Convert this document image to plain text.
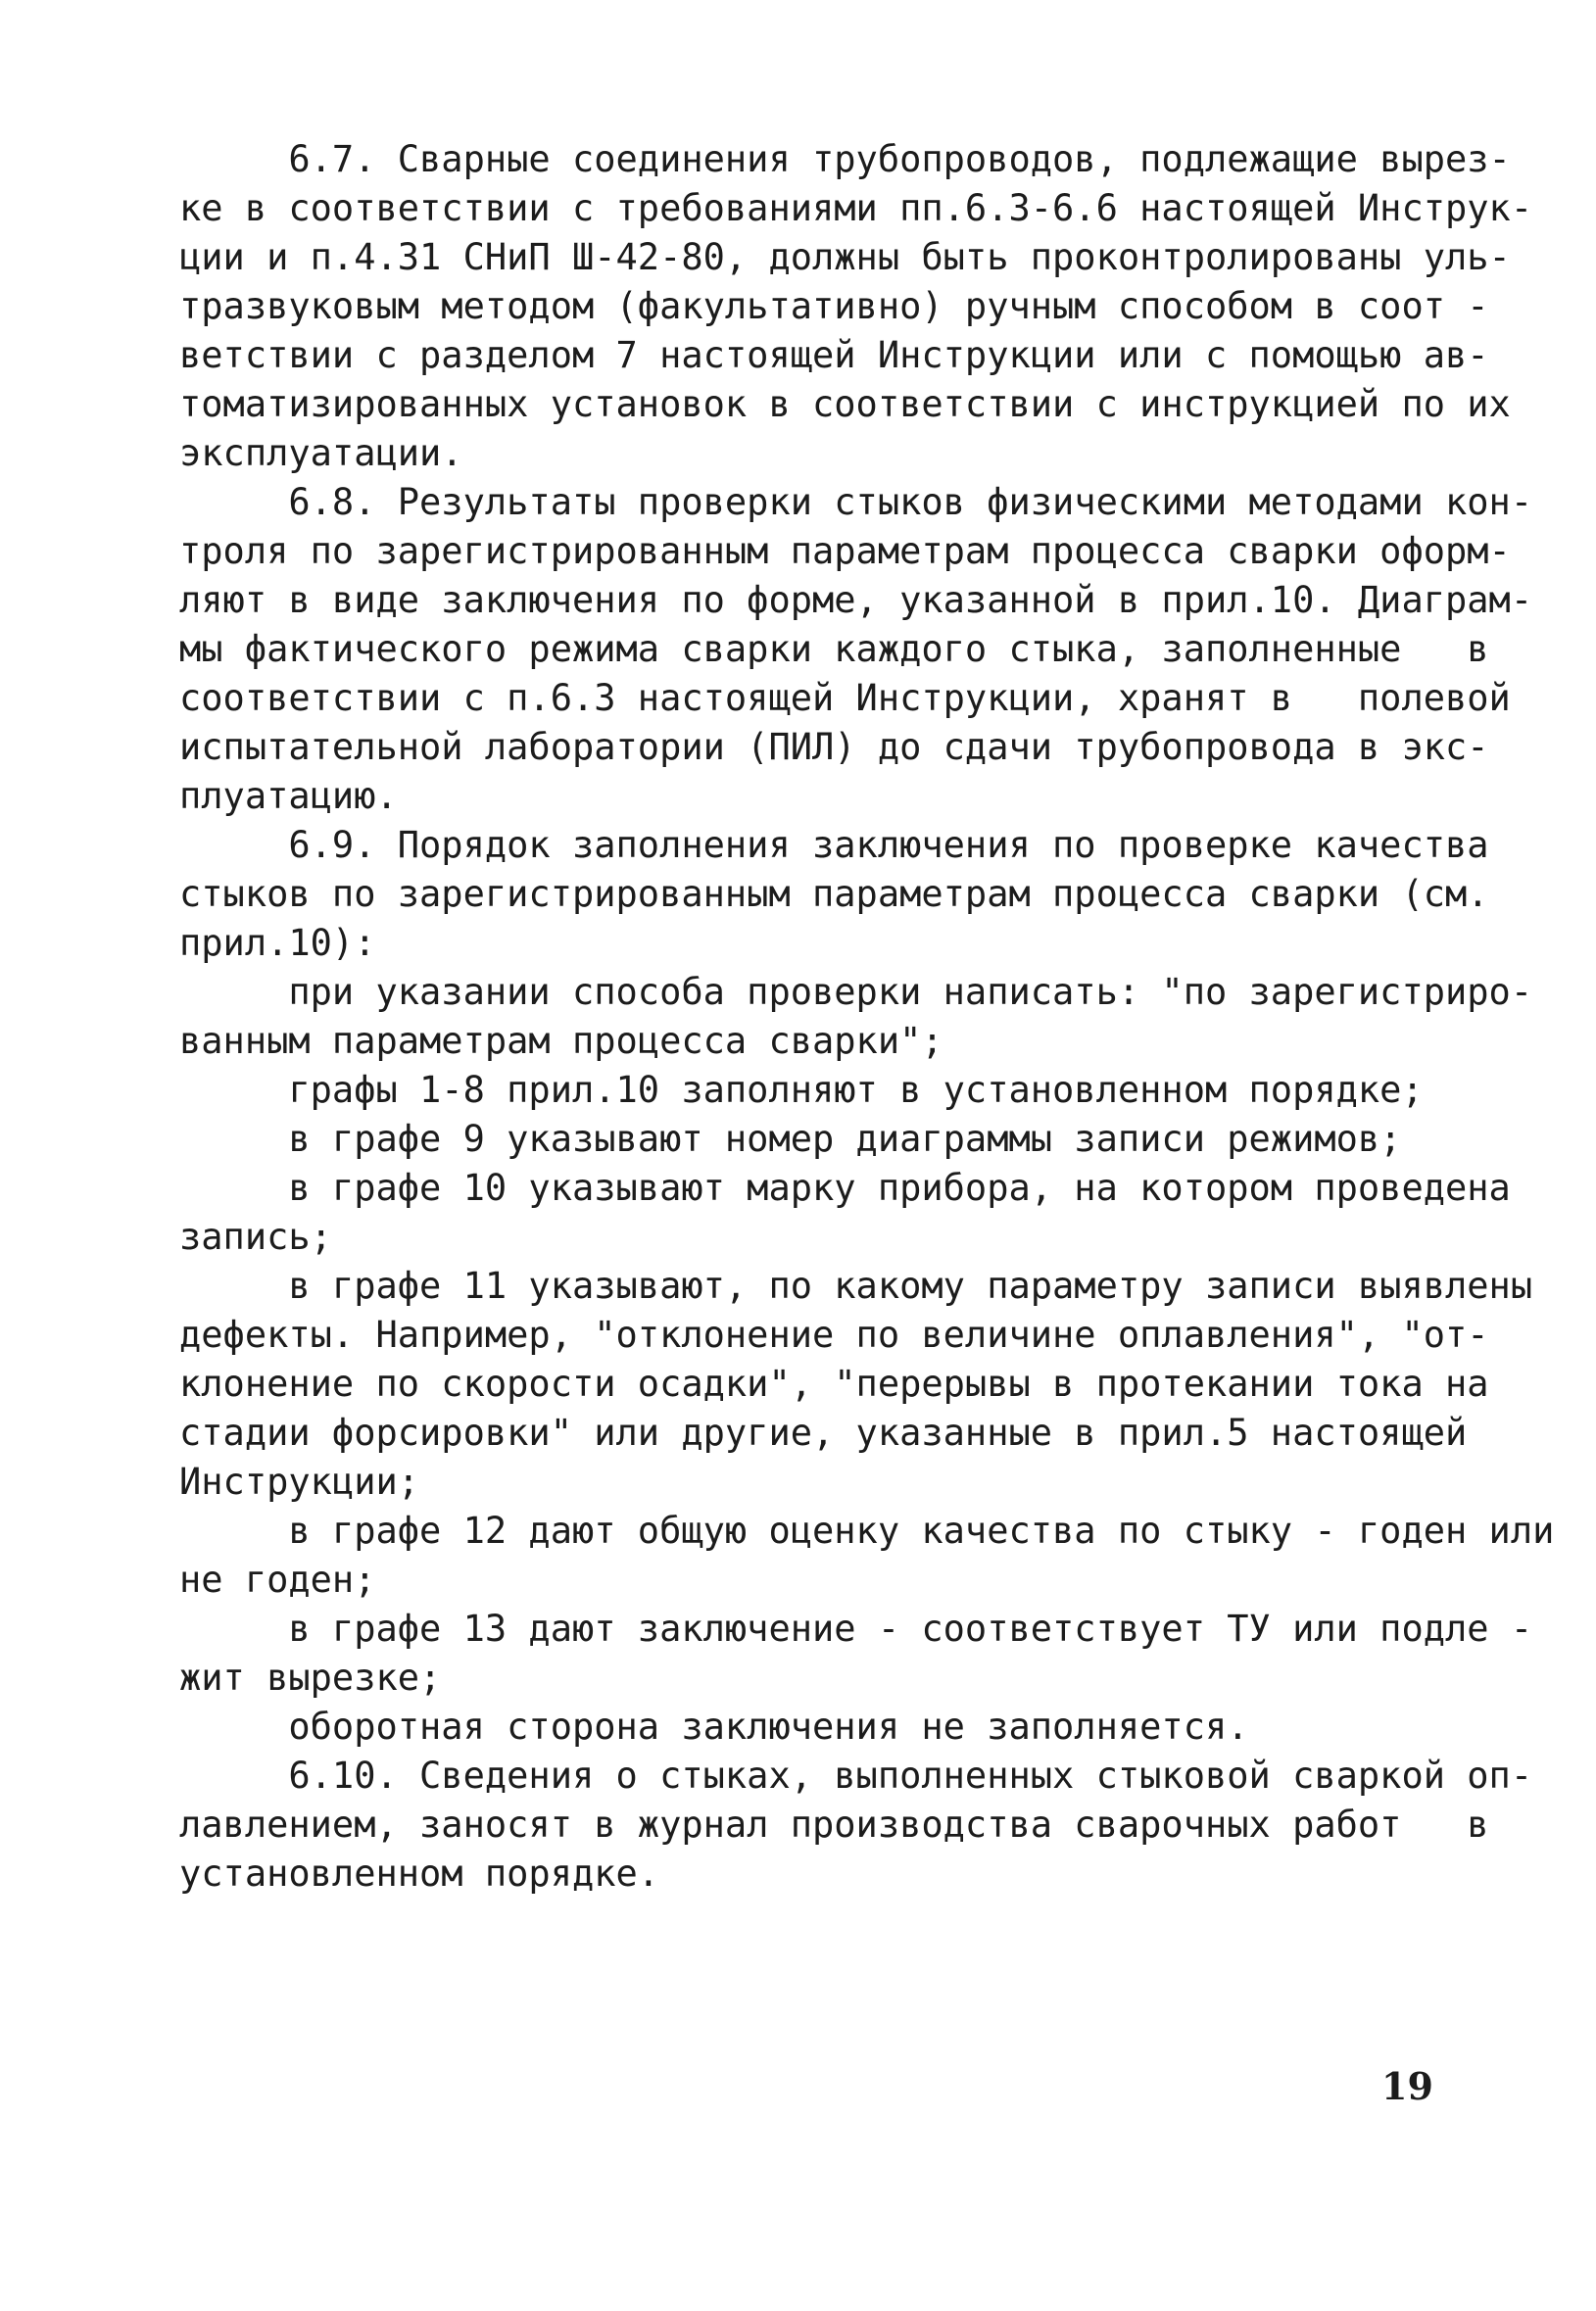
6.7. Сварные соединения трубопроводов, подлежащие вырез-
ке в соответствии с требованиями пп.6.3-6.6 настоящей Инструк-
ции и п.4.31 СНиП Ш-42-80, должны быть проконтролированы уль-
тразвуковым методом (факультативно) ручным способом в соот -
ветствии с разделом 7 настоящей Инструкции или с помощью ав-
томатизированных установок в соответствии с инструкцией по их
эксплуатации.
6.8. Результаты проверки стыков физическими методами кон-
троля по зарегистрированным параметрам процесса сварки оформ-
ляют в виде заключения по форме, указанной в прил.10. Диаграм-
мы фактического режима сварки каждого стыка, заполненные   в
соответствии с п.6.3 настоящей Инструкции, хранят в   полевой
испытательной лаборатории (ПИЛ) до сдачи трубопровода в экс-
плуатацию.
6.9. Порядок заполнения заключения по проверке качества
стыков по зарегистрированным параметрам процесса сварки (см.
прил.10):
при указании способа проверки написать: "по зарегистриро-
ванным параметрам процесса сварки";
графы 1-8 прил.10 заполняют в установленном порядке;
в графе 9 указывают номер диаграммы записи режимов;
в графе 10 указывают марку прибора, на котором проведена
запись;
в графе 11 указывают, по какому параметру записи выявлены
дефекты. Например, "отклонение по величине оплавления", "от-
клонение по скорости осадки", "перерывы в протекании тока на
стадии форсировки" или другие, указанные в прил.5 настоящей
Инструкции;
в графе 12 дают общую оценку качества по стыку - годен или
не годен;
в графе 13 дают заключение - соответствует ТУ или подле -
жит вырезке;
оборотная сторона заключения не заполняется.
6.10. Сведения о стыках, выполненных стыковой сваркой оп-
лавлением, заносят в журнал производства сварочных работ   в
установленном порядке.
19
